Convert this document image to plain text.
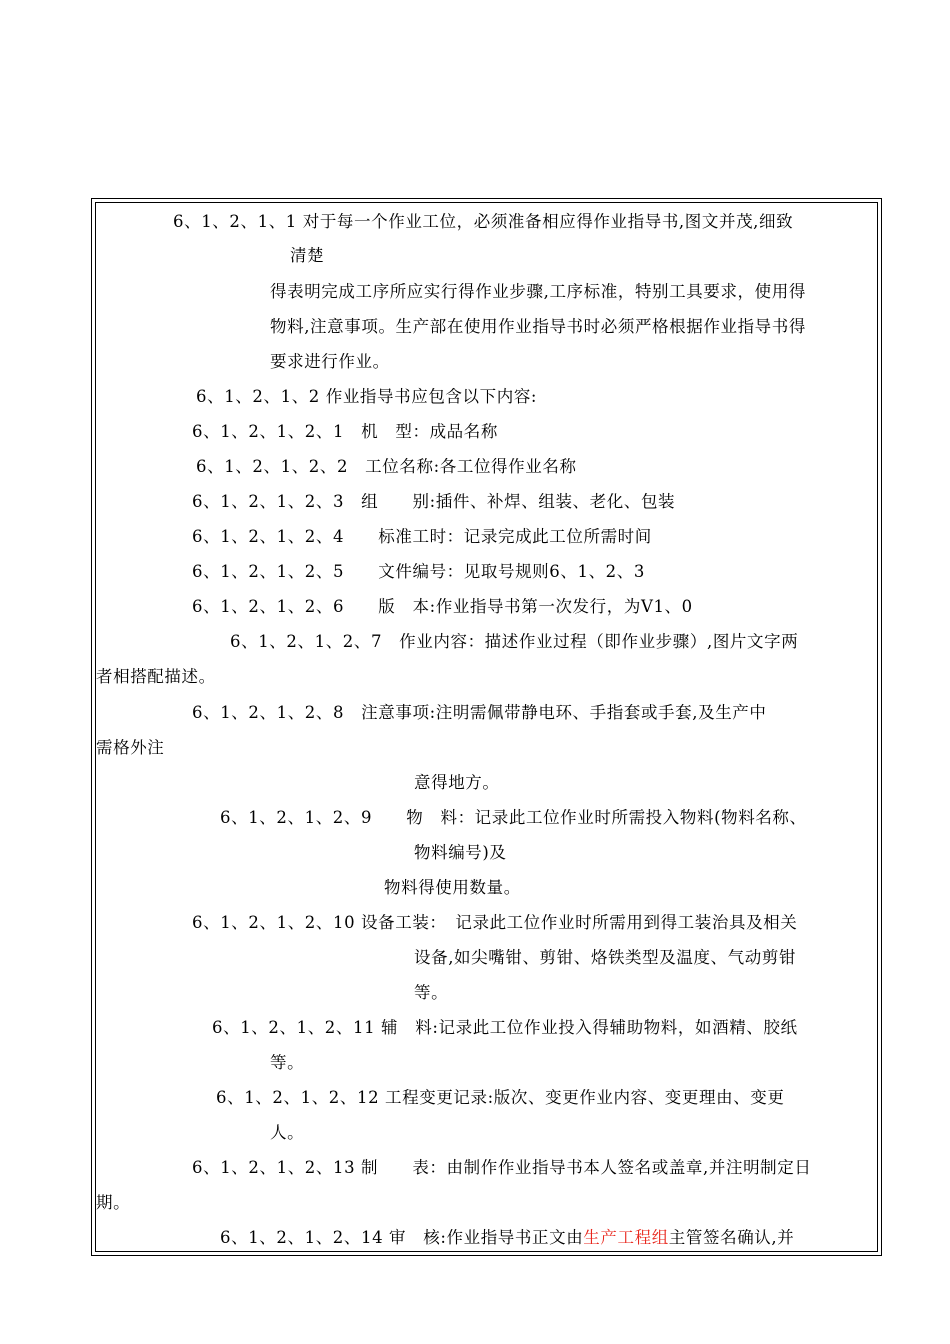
6、1、2、1、1 对于每一个作业工位，必须准备相应得作业指导书,图文并茂,细致
清楚
得表明完成工序所应实行得作业步骤,工序标准，特别工具要求，使用得
物料,注意事项。生产部在使用作业指导书时必须严格根据作业指导书得
要求进行作业。
6、1、2、1、2 作业指导书应包含以下内容:
6、1、2、1、2、1　机　型：成品名称
6、1、2、1、2、2　工位名称:各工位得作业名称
6、1、2、1、2、3　组　　别:插件、补焊、组装、老化、包装
6、1、2、1、2、4　　标准工时：记录完成此工位所需时间
6、1、2、1、2、5　　文件编号：见取号规则6、1、2、3
6、1、2、1、2、6　　版　本:作业指导书第一次发行，为V1、0
6、1、2、1、2、7　作业内容：描述作业过程（即作业步骤）,图片文字两
者相搭配描述。
6、1、2、1、2、8　注意事项:注明需佩带静电环、手指套或手套,及生产中
需格外注
意得地方。
6、1、2、1、2、9　　物　料：记录此工位作业时所需投入物料(物料名称、
物料编号)及
物料得使用数量。
6、1、2、1、2、10 设备工装：　记录此工位作业时所需用到得工装治具及相关
设备,如尖嘴钳、剪钳、烙铁类型及温度、气动剪钳
等。
6、1、2、1、2、11 辅　料:记录此工位作业投入得辅助物料，如酒精、胶纸
等。
6、1、2、1、2、12 工程变更记录:版次、变更作业内容、变更理由、变更
人。
6、1、2、1、2、13 制　　表：由制作作业指导书本人签名或盖章,并注明制定日
期。
6、1、2、1、2、14 审　核:作业指导书正文由生产工程组主管签名确认,并
